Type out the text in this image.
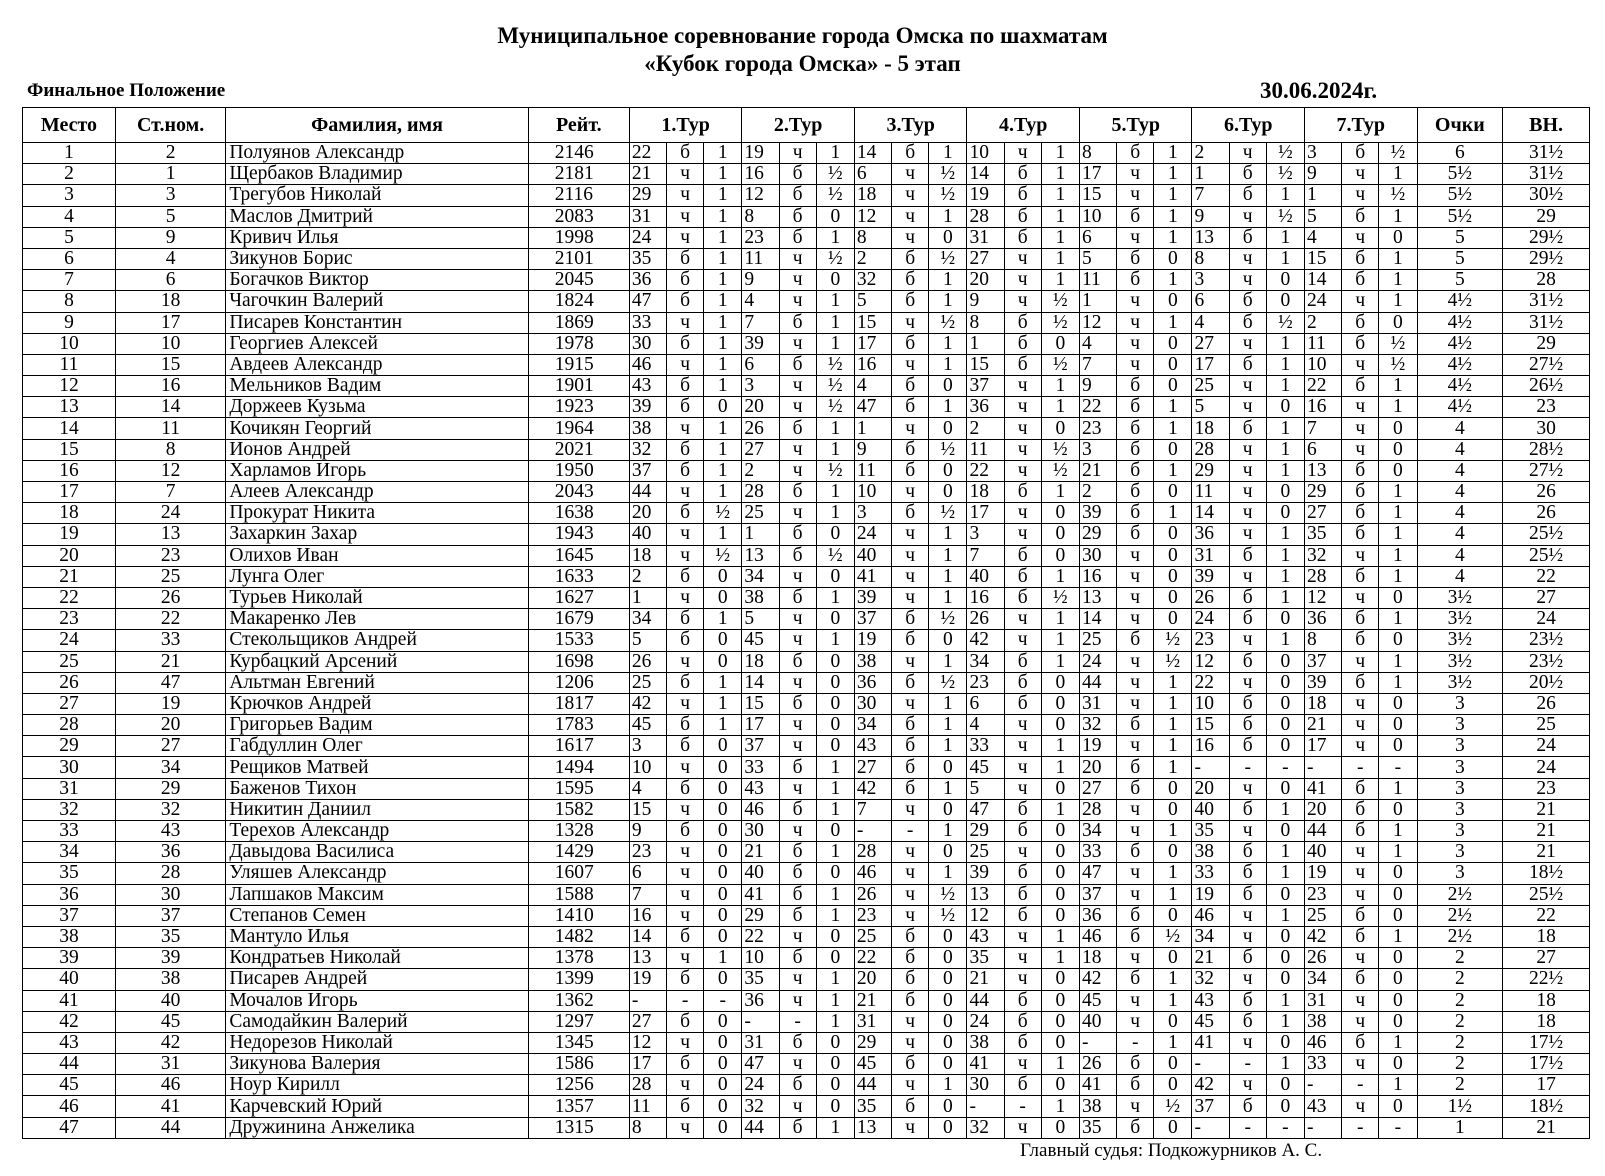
Муниципальное соревнование города Омска по шахматам
«Кубок города Омска» - 5 этап
Финальное Положение	30.06.2024г.
Место	Ст.ном.	Фамилия, имя	Рейт.	1.Тур			2.Тур			3.Тур			4.Тур			5.Тур			6.Тур			7.Тур			Очки	ВН.
1	2	Полуянов Александр	2146	22	б	1	19	ч	1	14	б	1	10	ч	1	8	б	1	2	ч	½	3	б	½	6	31½
2	1	Щербаков Владимир	2181	21	ч	1	16	б	½	6	ч	½	14	б	1	17	ч	1	1	б	½	9	ч	1	5½	31½
3	3	Трегубов Николай	2116	29	ч	1	12	б	½	18	ч	½	19	б	1	15	ч	1	7	б	1	1	ч	½	5½	30½
4	5	Маслов Дмитрий	2083	31	ч	1	8	б	0	12	ч	1	28	б	1	10	б	1	9	ч	½	5	б	1	5½	29
5	9	Кривич Илья	1998	24	ч	1	23	б	1	8	ч	0	31	б	1	6	ч	1	13	б	1	4	ч	0	5	29½
6	4	Зикунов Борис	2101	35	б	1	11	ч	½	2	б	½	27	ч	1	5	б	0	8	ч	1	15	б	1	5	29½
7	6	Богачков Виктор	2045	36	б	1	9	ч	0	32	б	1	20	ч	1	11	б	1	3	ч	0	14	б	1	5	28
8	18	Чагочкин Валерий	1824	47	б	1	4	ч	1	5	б	1	9	ч	½	1	ч	0	6	б	0	24	ч	1	4½	31½
9	17	Писарев Константин	1869	33	ч	1	7	б	1	15	ч	½	8	б	½	12	ч	1	4	б	½	2	б	0	4½	31½
10	10	Георгиев Алексей	1978	30	б	1	39	ч	1	17	б	1	1	б	0	4	ч	0	27	ч	1	11	б	½	4½	29
11	15	Авдеев Александр	1915	46	ч	1	6	б	½	16	ч	1	15	б	½	7	ч	0	17	б	1	10	ч	½	4½	27½
12	16	Мельников Вадим	1901	43	б	1	3	ч	½	4	б	0	37	ч	1	9	б	0	25	ч	1	22	б	1	4½	26½
13	14	Доржеев Кузьма	1923	39	б	0	20	ч	½	47	б	1	36	ч	1	22	б	1	5	ч	0	16	ч	1	4½	23
14	11	Кочикян Георгий	1964	38	ч	1	26	б	1	1	ч	0	2	ч	0	23	б	1	18	б	1	7	ч	0	4	30
15	8	Ионов Андрей	2021	32	б	1	27	ч	1	9	б	½	11	ч	½	3	б	0	28	ч	1	6	ч	0	4	28½
16	12	Харламов Игорь	1950	37	б	1	2	ч	½	11	б	0	22	ч	½	21	б	1	29	ч	1	13	б	0	4	27½
17	7	Алеев Александр	2043	44	ч	1	28	б	1	10	ч	0	18	б	1	2	б	0	11	ч	0	29	б	1	4	26
18	24	Прокурат Никита	1638	20	б	½	25	ч	1	3	б	½	17	ч	0	39	б	1	14	ч	0	27	б	1	4	26
19	13	Захаркин Захар	1943	40	ч	1	1	б	0	24	ч	1	3	ч	0	29	б	0	36	ч	1	35	б	1	4	25½
20	23	Олихов Иван	1645	18	ч	½	13	б	½	40	ч	1	7	б	0	30	ч	0	31	б	1	32	ч	1	4	25½
21	25	Лунга Олег	1633	2	б	0	34	ч	0	41	ч	1	40	б	1	16	ч	0	39	ч	1	28	б	1	4	22
22	26	Турьев Николай	1627	1	ч	0	38	б	1	39	ч	1	16	б	½	13	ч	0	26	б	1	12	ч	0	3½	27
23	22	Макаренко Лев	1679	34	б	1	5	ч	0	37	б	½	26	ч	1	14	ч	0	24	б	0	36	б	1	3½	24
24	33	Стекольщиков Андрей	1533	5	б	0	45	ч	1	19	б	0	42	ч	1	25	б	½	23	ч	1	8	б	0	3½	23½
25	21	Курбацкий Арсений	1698	26	ч	0	18	б	0	38	ч	1	34	б	1	24	ч	½	12	б	0	37	ч	1	3½	23½
26	47	Альтман Евгений	1206	25	б	1	14	ч	0	36	б	½	23	б	0	44	ч	1	22	ч	0	39	б	1	3½	20½
27	19	Крючков Андрей	1817	42	ч	1	15	б	0	30	ч	1	6	б	0	31	ч	1	10	б	0	18	ч	0	3	26
28	20	Григорьев Вадим	1783	45	б	1	17	ч	0	34	б	1	4	ч	0	32	б	1	15	б	0	21	ч	0	3	25
29	27	Габдуллин Олег	1617	3	б	0	37	ч	0	43	б	1	33	ч	1	19	ч	1	16	б	0	17	ч	0	3	24
30	34	Рещиков Матвей	1494	10	ч	0	33	б	1	27	б	0	45	ч	1	20	б	1	-	-	-	-	-	-	3	24
31	29	Баженов Тихон	1595	4	б	0	43	ч	1	42	б	1	5	ч	0	27	б	0	20	ч	0	41	б	1	3	23
32	32	Никитин Даниил	1582	15	ч	0	46	б	1	7	ч	0	47	б	1	28	ч	0	40	б	1	20	б	0	3	21
33	43	Терехов Александр	1328	9	б	0	30	ч	0	-	-	1	29	б	0	34	ч	1	35	ч	0	44	б	1	3	21
34	36	Давыдова Василиса	1429	23	ч	0	21	б	1	28	ч	0	25	ч	0	33	б	0	38	б	1	40	ч	1	3	21
35	28	Уляшев Александр	1607	6	ч	0	40	б	0	46	ч	1	39	б	0	47	ч	1	33	б	1	19	ч	0	3	18½
36	30	Лапшаков Максим	1588	7	ч	0	41	б	1	26	ч	½	13	б	0	37	ч	1	19	б	0	23	ч	0	2½	25½
37	37	Степанов Семен	1410	16	ч	0	29	б	1	23	ч	½	12	б	0	36	б	0	46	ч	1	25	б	0	2½	22
38	35	Мантуло Илья	1482	14	б	0	22	ч	0	25	б	0	43	ч	1	46	б	½	34	ч	0	42	б	1	2½	18
39	39	Кондратьев Николай	1378	13	ч	1	10	б	0	22	б	0	35	ч	1	18	ч	0	21	б	0	26	ч	0	2	27
40	38	Писарев Андрей	1399	19	б	0	35	ч	1	20	б	0	21	ч	0	42	б	1	32	ч	0	34	б	0	2	22½
41	40	Мочалов Игорь	1362	-	-	-	36	ч	1	21	б	0	44	б	0	45	ч	1	43	б	1	31	ч	0	2	18
42	45	Самодайкин Валерий	1297	27	б	0	-	-	1	31	ч	0	24	б	0	40	ч	0	45	б	1	38	ч	0	2	18
43	42	Недорезов Николай	1345	12	ч	0	31	б	0	29	ч	0	38	б	0	-	-	1	41	ч	0	46	б	1	2	17½
44	31	Зикунова Валерия	1586	17	б	0	47	ч	0	45	б	0	41	ч	1	26	б	0	-	-	1	33	ч	0	2	17½
45	46	Ноур Кирилл	1256	28	ч	0	24	б	0	44	ч	1	30	б	0	41	б	0	42	ч	0	-	-	1	2	17
46	41	Карчевский Юрий	1357	11	б	0	32	ч	0	35	б	0	-	-	1	38	ч	½	37	б	0	43	ч	0	1½	18½
47	44	Дружинина Анжелика	1315	8	ч	0	44	б	1	13	ч	0	32	ч	0	35	б	0	-	-	-	-	-	-	1	21
Главный судья: Подкожурников А. С.
